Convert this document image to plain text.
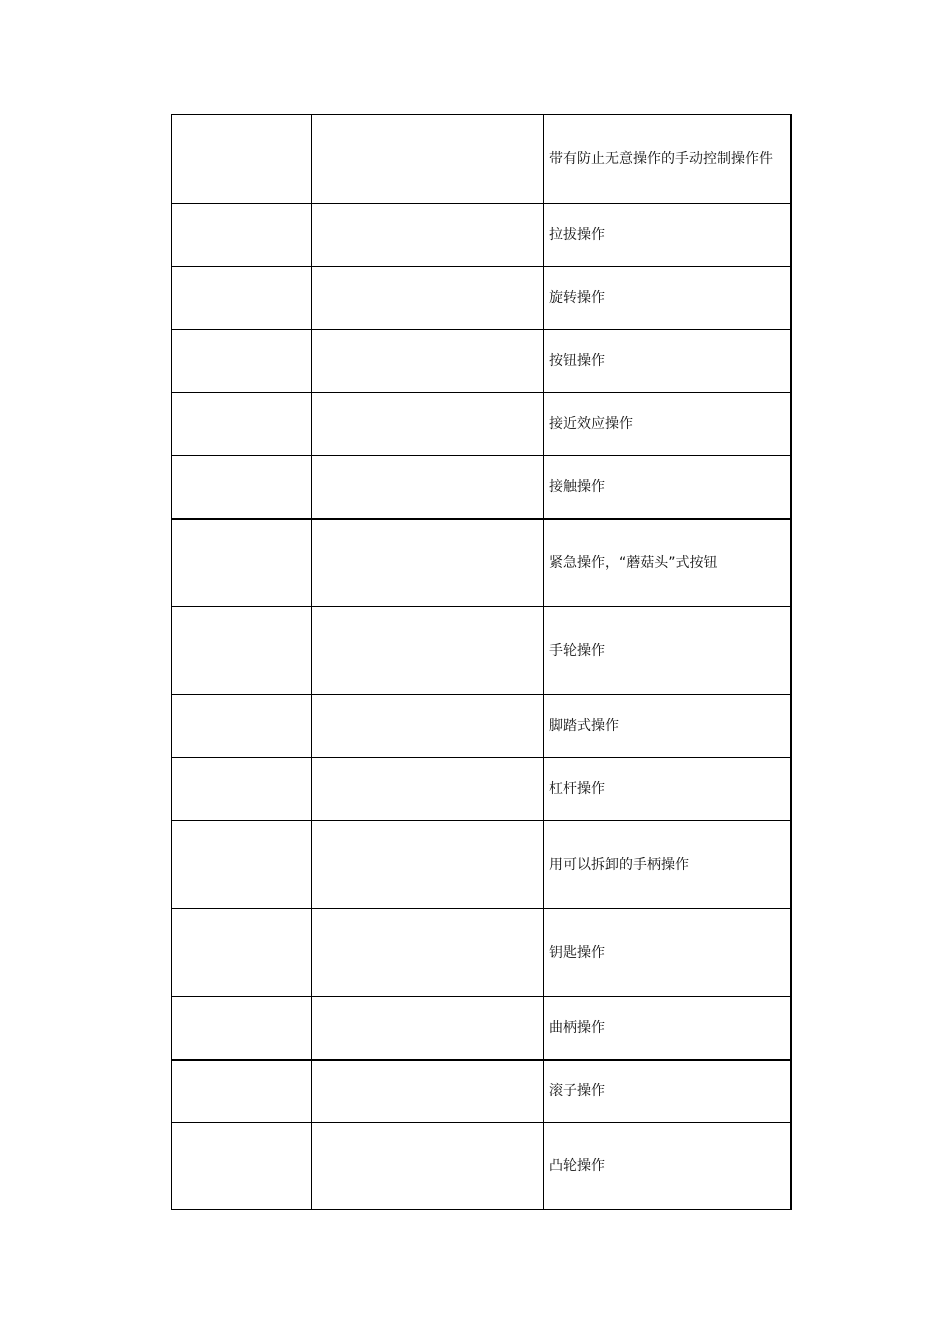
		带有防止无意操作的手动控制操作件
		拉拔操作
		旋转操作
		按钮操作
		接近效应操作
		接触操作
		紧急操作，“蘑菇头”式按钮
		手轮操作
		脚踏式操作
		杠杆操作
		用可以拆卸的手柄操作
		钥匙操作
		曲柄操作
		滚子操作
		凸轮操作
